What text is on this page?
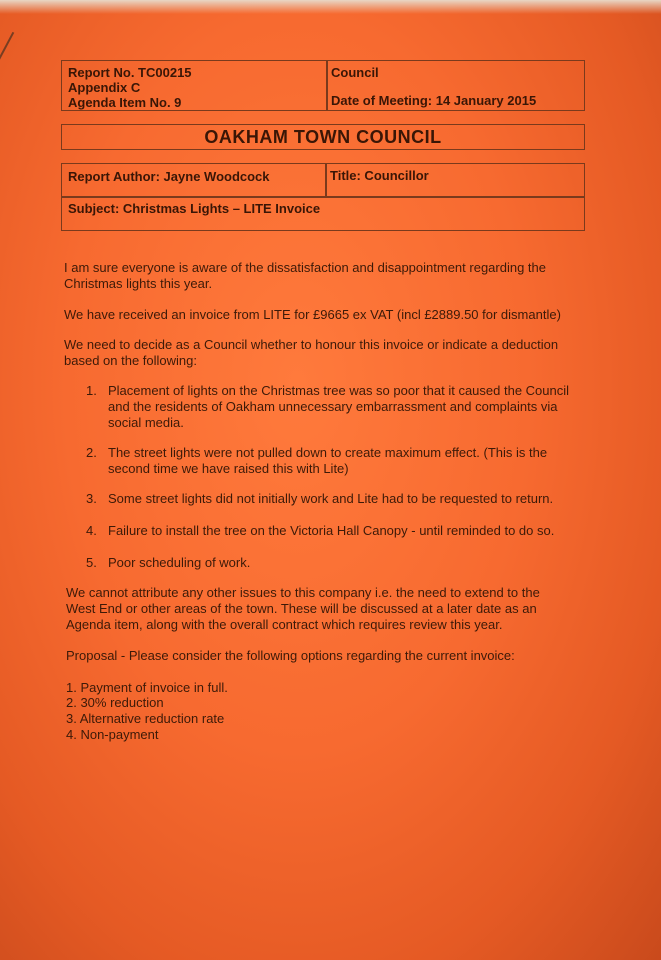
Report No. TC00215
Appendix C
Agenda Item No. 9
Council
Date of Meeting: 14 January 2015
OAKHAM TOWN COUNCIL
Report Author: Jayne Woodcock	Title: Councillor
Subject: Christmas Lights – LITE Invoice
I am sure everyone is aware of the dissatisfaction and disappointment regarding the
Christmas lights this year.
We have received an invoice from LITE for £9665 ex VAT (incl £2889.50 for dismantle)
We need to decide as a Council whether to honour this invoice or indicate a deduction
based on the following:
1. Placement of lights on the Christmas tree was so poor that it caused the Council
and the residents of Oakham unnecessary embarrassment and complaints via
social media.
2. The street lights were not pulled down to create maximum effect. (This is the
second time we have raised this with Lite)
3. Some street lights did not initially work and Lite had to be requested to return.
4. Failure to install the tree on the Victoria Hall Canopy - until reminded to do so.
5. Poor scheduling of work.
We cannot attribute any other issues to this company i.e. the need to extend to the
West End or other areas of the town. These will be discussed at a later date as an
Agenda item, along with the overall contract which requires review this year.
Proposal - Please consider the following options regarding the current invoice:
1. Payment of invoice in full.
2. 30% reduction
3. Alternative reduction rate
4. Non-payment
